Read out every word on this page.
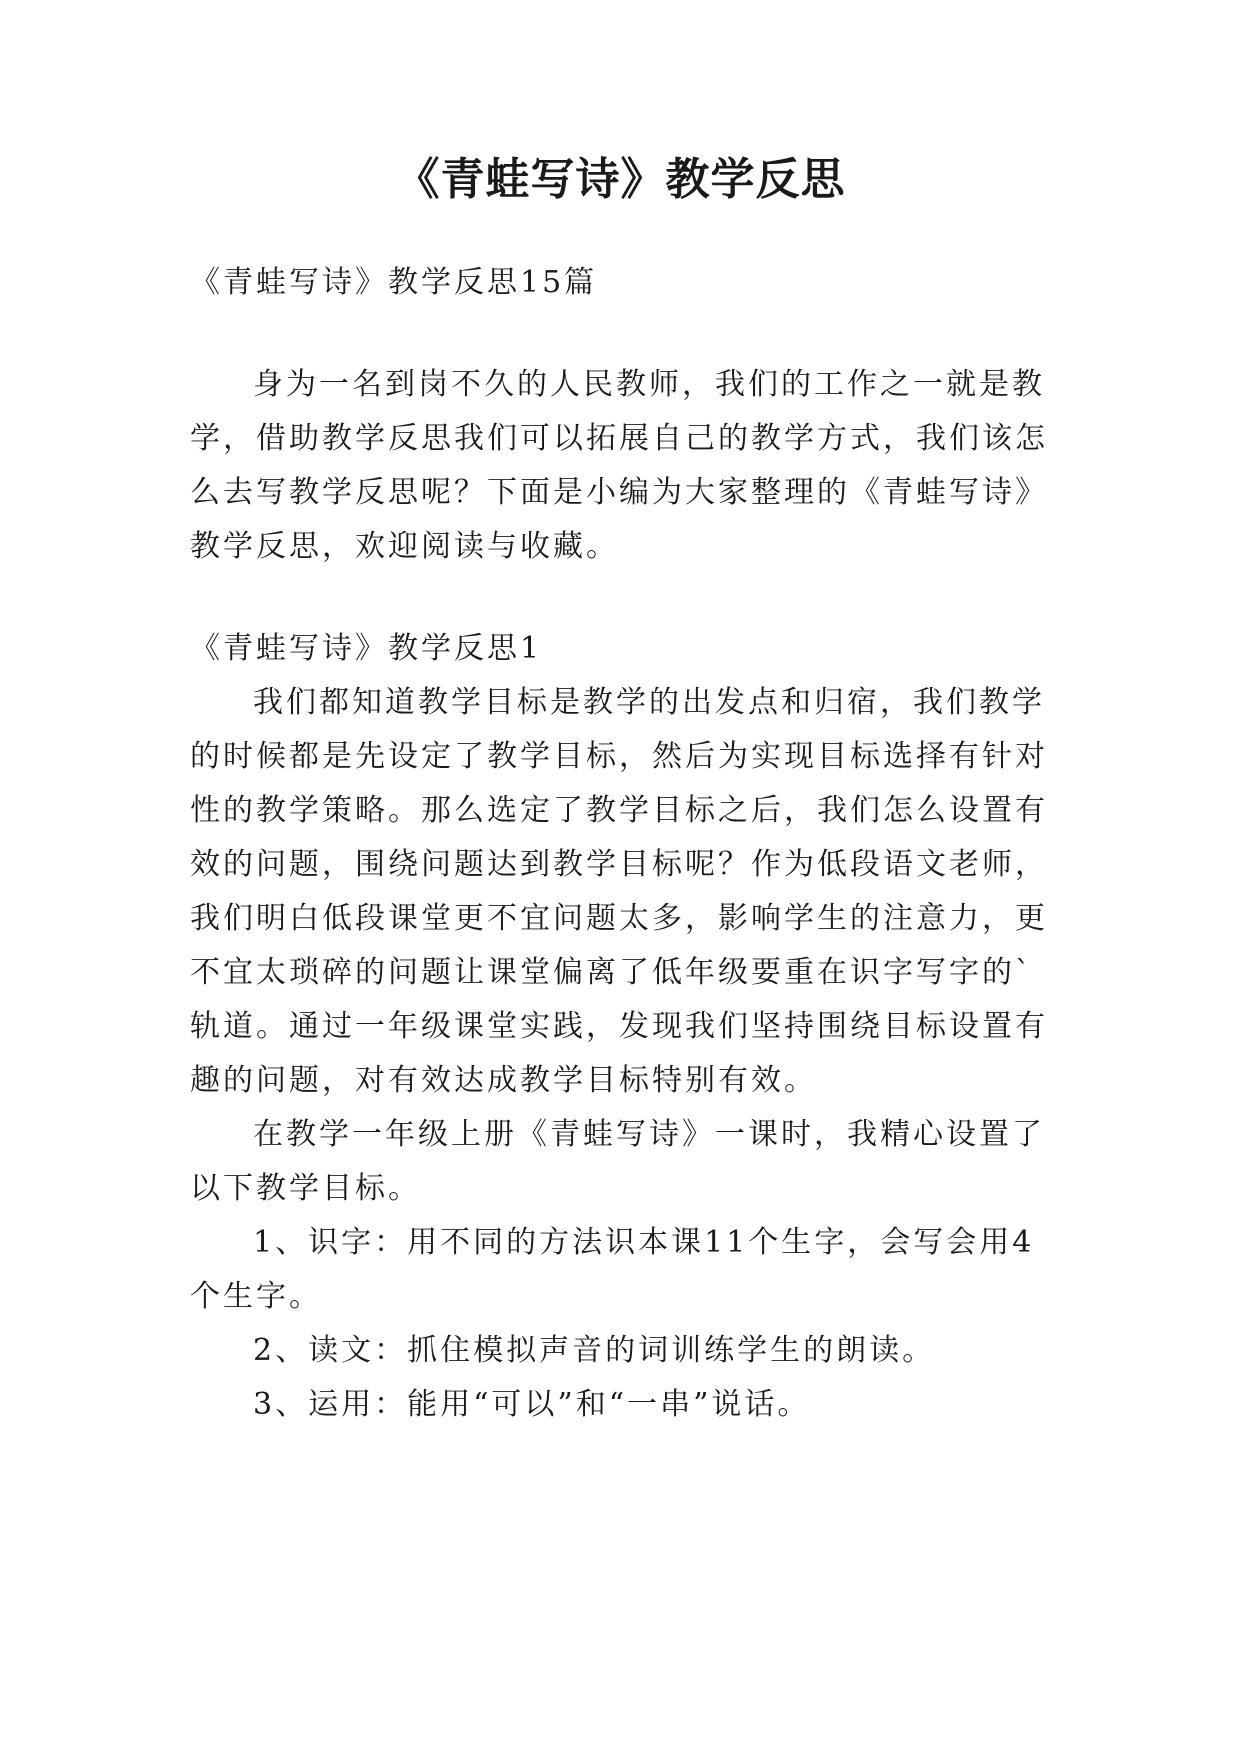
《青蛙写诗》教学反思

《青蛙写诗》教学反思15篇

身为一名到岗不久的人民教师，我们的工作之一就是教

学，借助教学反思我们可以拓展自己的教学方式，我们该怎

么去写教学反思呢？下面是小编为大家整理的《青蛙写诗》

教学反思，欢迎阅读与收藏。

《青蛙写诗》教学反思1

我们都知道教学目标是教学的出发点和归宿，我们教学

的时候都是先设定了教学目标，然后为实现目标选择有针对

性的教学策略。那么选定了教学目标之后，我们怎么设置有

效的问题，围绕问题达到教学目标呢？作为低段语文老师，

我们明白低段课堂更不宜问题太多，影响学生的注意力，更

不宜太琐碎的问题让课堂偏离了低年级要重在识字写字的`

轨道。通过一年级课堂实践，发现我们坚持围绕目标设置有

趣的问题，对有效达成教学目标特别有效。

在教学一年级上册《青蛙写诗》一课时，我精心设置了

以下教学目标。

1、识字：用不同的方法识本课11个生字，会写会用4

个生字。

2、读文：抓住模拟声音的词训练学生的朗读。

3、运用：能用“可以”和“一串”说话。
